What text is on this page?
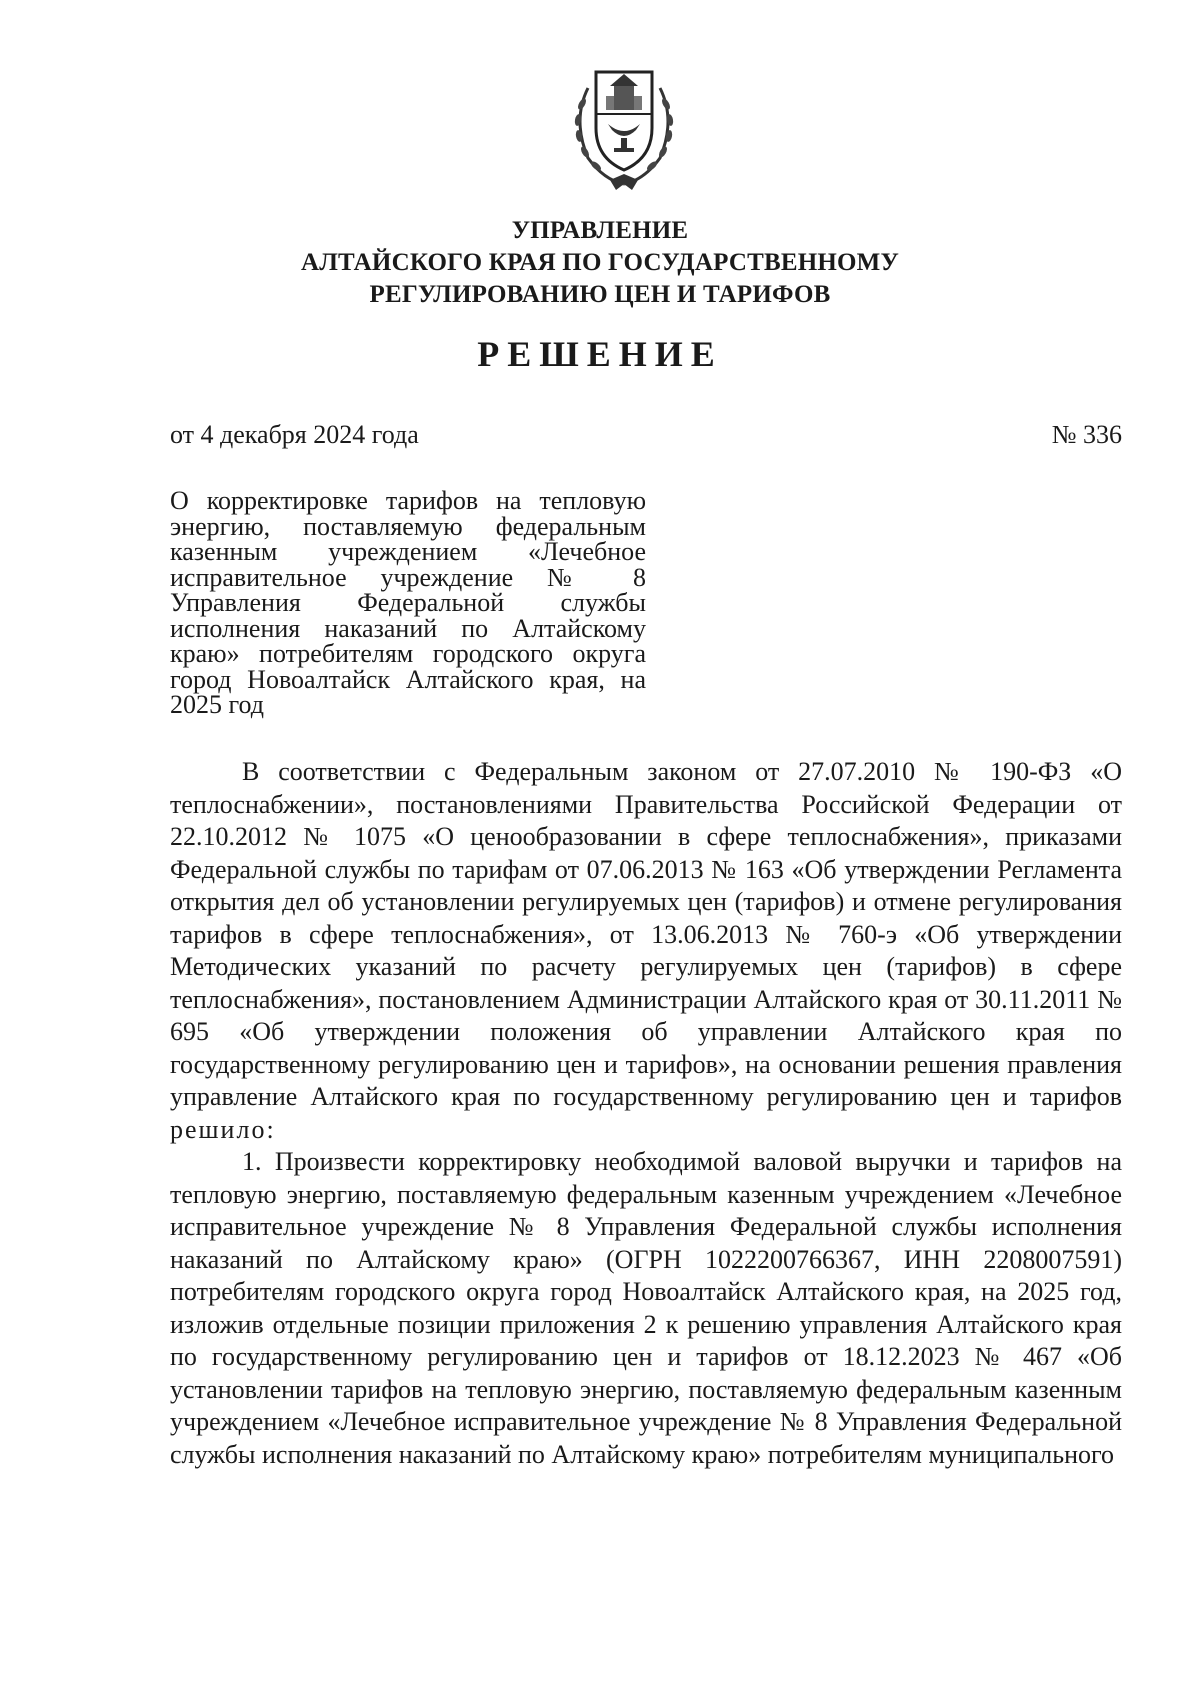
УПРАВЛЕНИЕ
АЛТАЙСКОГО КРАЯ ПО ГОСУДАРСТВЕННОМУ
РЕГУЛИРОВАНИЮ ЦЕН И ТАРИФОВ
РЕШЕНИЕ
от 4 декабря 2024 года	№ 336
О корректировке тарифов на тепловую энергию, поставляемую федеральным казенным учреждением «Лечебное исправительное учреждение № 8 Управления Федеральной службы исполнения наказаний по Алтайскому краю» потребителям городского округа город Новоалтайск Алтайского края, на 2025 год

В соответствии с Федеральным законом от 27.07.2010 № 190-ФЗ «О теплоснабжении», постановлениями Правительства Российской Федерации от 22.10.2012 № 1075 «О ценообразовании в сфере теплоснабжения», приказами Федеральной службы по тарифам от 07.06.2013 № 163 «Об утверждении Регламента открытия дел об установлении регулируемых цен (тарифов) и отмене регулирования тарифов в сфере теплоснабжения», от 13.06.2013 № 760-э «Об утверждении Методических указаний по расчету регулируемых цен (тарифов) в сфере теплоснабжения», постановлением Администрации Алтайского края от 30.11.2011 № 695 «Об утверждении положения об управлении Алтайского края по государственному регулированию цен и тарифов», на основании решения правления управление Алтайского края по государственному регулированию цен и тарифов решило:

1. Произвести корректировку необходимой валовой выручки и тарифов на тепловую энергию, поставляемую федеральным казенным учреждением «Лечебное исправительное учреждение № 8 Управления Федеральной службы исполнения наказаний по Алтайскому краю» (ОГРН 1022200766367, ИНН 2208007591) потребителям городского округа город Новоалтайск Алтайского края, на 2025 год, изложив отдельные позиции приложения 2 к решению управления Алтайского края по государственному регулированию цен и тарифов от 18.12.2023 № 467 «Об установлении тарифов на тепловую энергию, поставляемую федеральным казенным учреждением «Лечебное исправительное учреждение № 8 Управления Федеральной службы исполнения наказаний по Алтайскому краю» потребителям муниципального
